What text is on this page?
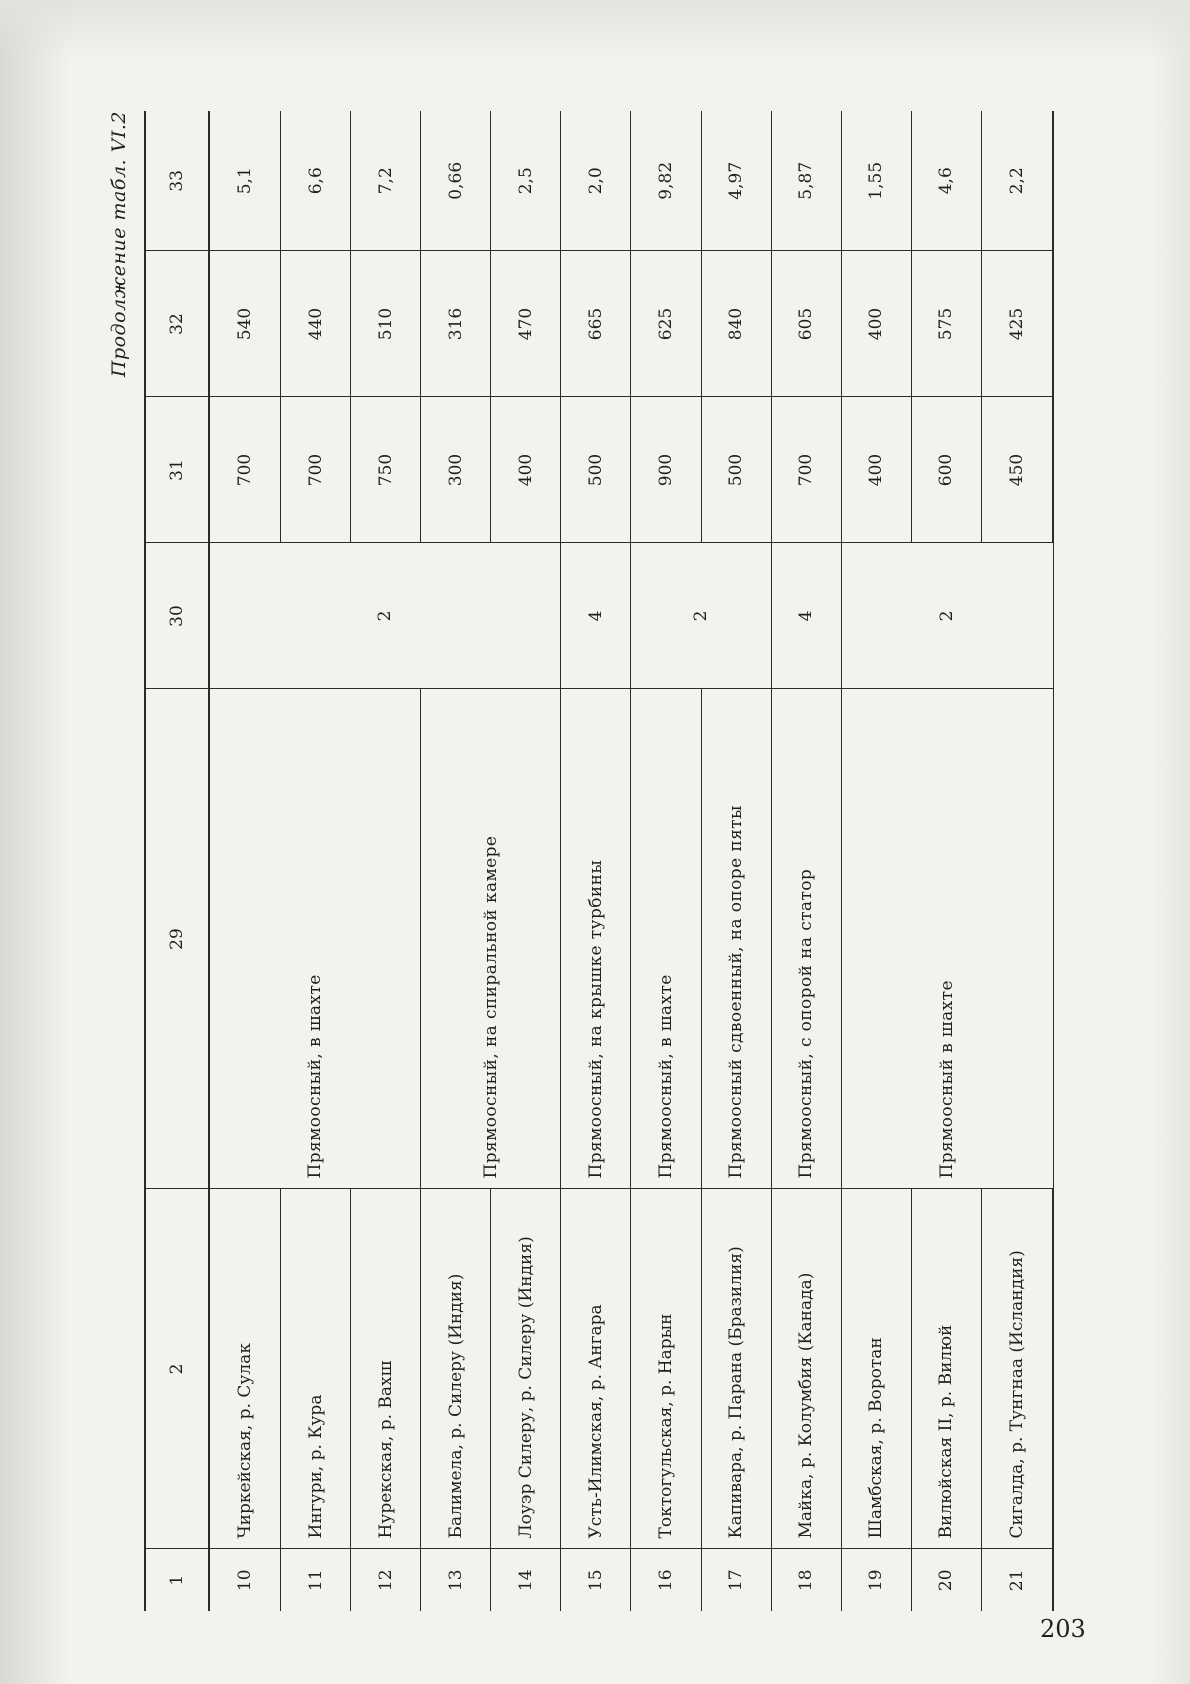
Продолжение табл. VI.2
1	2	29	30	31	32	33
10	Чиркейская, р. Сулак	Прямоосный, в шахте	2	700	540	5,1
11	Ингури, р. Кура			700	440	6,6
12	Нурекская, р. Вахш			750	510	7,2
13	Балимела, р. Силеру (Индия)	Прямоосный, на спиральной камере		300	316	0,66
14	Лоуэр Силеру, р. Силеру (Индия)			400	470	2,5
15	Усть-Илимская, р. Ангара	Прямоосный, на крышке турбины	4	500	665	2,0
16	Токтогульская, р. Нарын	Прямоосный, в шахте	2	900	625	9,82
17	Капивара, р. Парана (Бразилия)	Прямоосный сдвоенный, на опоре пяты		500	840	4,97
18	Майка, р. Колумбия (Канада)	Прямоосный, с опорой на статор	4	700	605	5,87
19	Шамбская, р. Воротан	Прямоосный в шахте	2	400	400	1,55
20	Вилюйская II, р. Вилюй			600	575	4,6
21	Сигалда, р. Тунгнаа (Исландия)			450	425	2,2
203
